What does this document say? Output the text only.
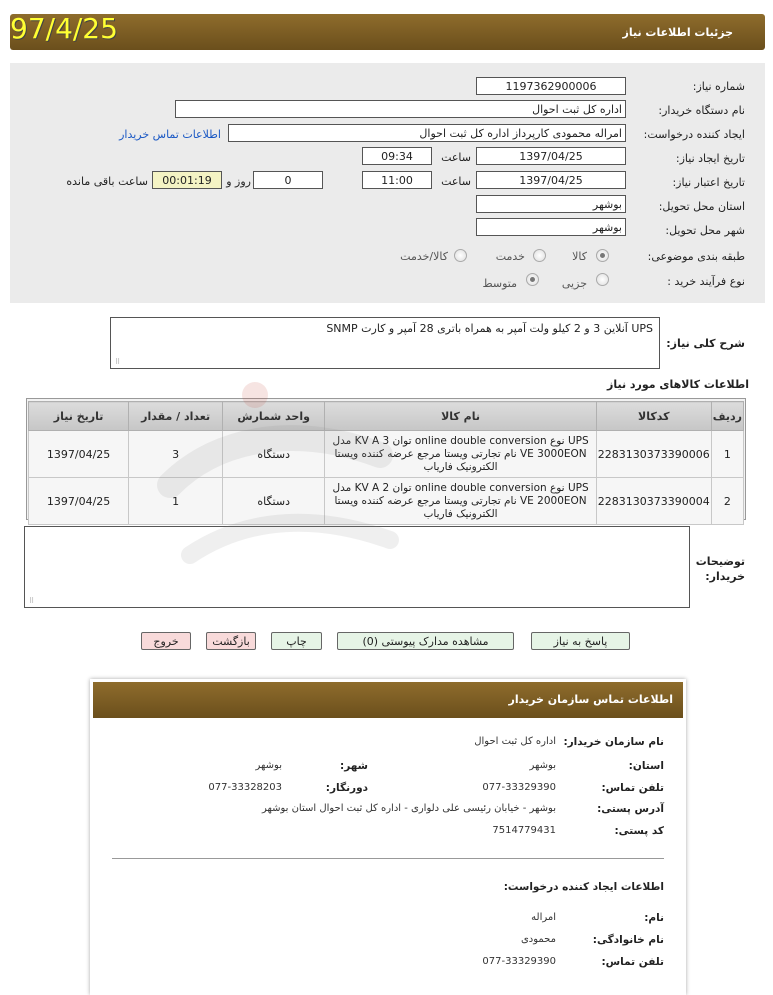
جزئیات اطلاعات نیاز
97/4/25
شماره نیاز:
1197362900006
نام دستگاه خریدار:
اداره کل ثبت احوال
ایجاد کننده درخواست:
امراله محمودی کارپرداز اداره کل ثبت احوال
اطلاعات تماس خریدار
تاریخ ایجاد نیاز:
1397/04/25
ساعت
09:34
تاریخ اعتبار نیاز:
1397/04/25
ساعت
11:00
0
روز و
00:01:19
ساعت باقی مانده
استان محل تحویل:
بوشهر
شهر محل تحویل:
بوشهر
طبقه بندی موضوعی:
کالا
خدمت
کالا/خدمت
نوع فرآیند خرید :
جزیی
متوسط
شرح کلی نیاز:
UPS آنلاین 3 و 2 کیلو ولت آمپر به همراه باتری 28 آمپر و کارت SNMP
⠿
اطلاعات کالاهای مورد نیاز
ردیف	کدکالا	نام کالا	واحد شمارش	تعداد / مقدار	تاریخ نیاز
1	2283130373390006	UPS نوع online double conversion توان 3 KV A مدل
VE 3000EON نام تجارتی ویستا مرجع عرضه کننده ویستا
الکترونیک فاریاب	دستگاه	3	1397/04/25
2	2283130373390004	UPS نوع online double conversion توان 2 KV A مدل
VE 2000EON نام تجارتی ویستا مرجع عرضه کننده ویستا
الکترونیک فاریاب	دستگاه	1	1397/04/25
توضیحات
خریدار:
⠿
پاسخ به نیاز
مشاهده مدارک پیوستی (0)
چاپ
بازگشت
خروج
اطلاعات تماس سازمان خریدار
نام سازمان خریدار:
اداره کل ثبت احوال
استان:
بوشهر
شهر:
بوشهر
تلفن تماس:
077-33329390
دورنگار:
077-33328203
آدرس پستی:
بوشهر - خیابان رئیسی علی دلواری - اداره کل ثبت احوال استان بوشهر
کد پستی:
7514779431
اطلاعات ایجاد کننده درخواست:
نام:
امراله
نام خانوادگی:
محمودی
تلفن تماس:
077-33329390
